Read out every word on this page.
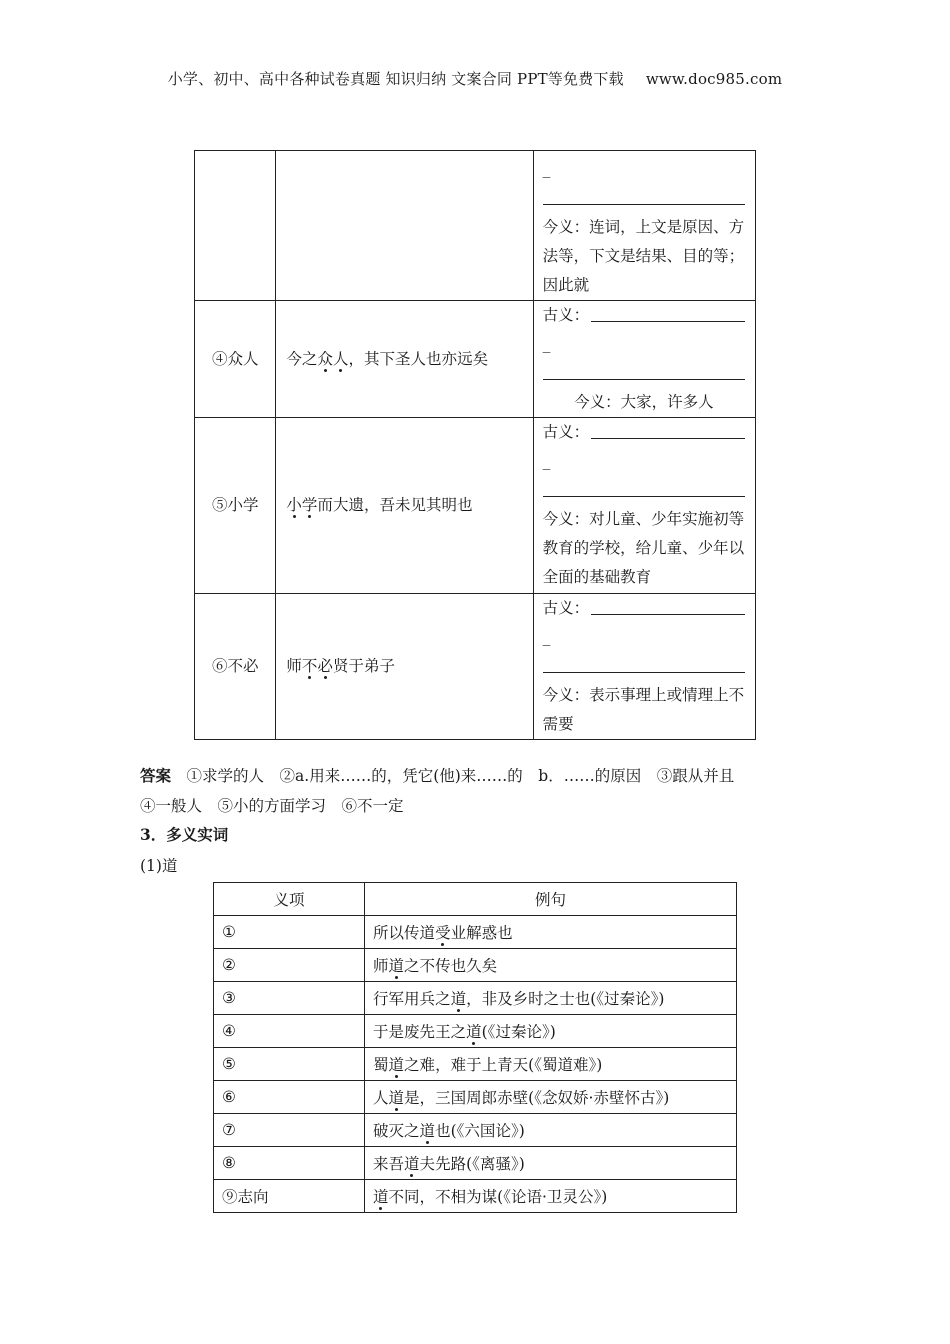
小学、初中、高中各种试卷真题 知识归纳 文案合同 PPT等免费下载 www.doc985.com

		_
今义：连词，上文是原因、方法等，下文是结果、目的等；因此就
④众人	今之众人，其下圣人也亦远矣	古义：
_
今义：大家，许多人

⑤小学	小学而大遗，吾未见其明也	古义：
_
今义：对儿童、少年实施初等教育的学校，给儿童、少年以全面的基础教育

⑥不必	师不必贤于弟子	古义：
_
今义：表示事理上或情理上不需要
答案　 ①求学的人　②a.用来……的，凭它(他)来……的　b．……的原因　③跟从并且
④一般人　⑤小的方面学习　⑥不一定
3．多义实词
(1)道
义项	例句
①	所以传道受业解惑也
②	师道之不传也久矣
③	行军用兵之道，非及乡时之士也(《过秦论》)
④	于是废先王之道(《过秦论》)
⑤	蜀道之难，难于上青天(《蜀道难》)
⑥	人道是，三国周郎赤壁(《念奴娇·赤壁怀古》)
⑦	破灭之道也(《六国论》)
⑧	来吾道夫先路(《离骚》)
⑨志向	道不同，不相为谋(《论语·卫灵公》)
